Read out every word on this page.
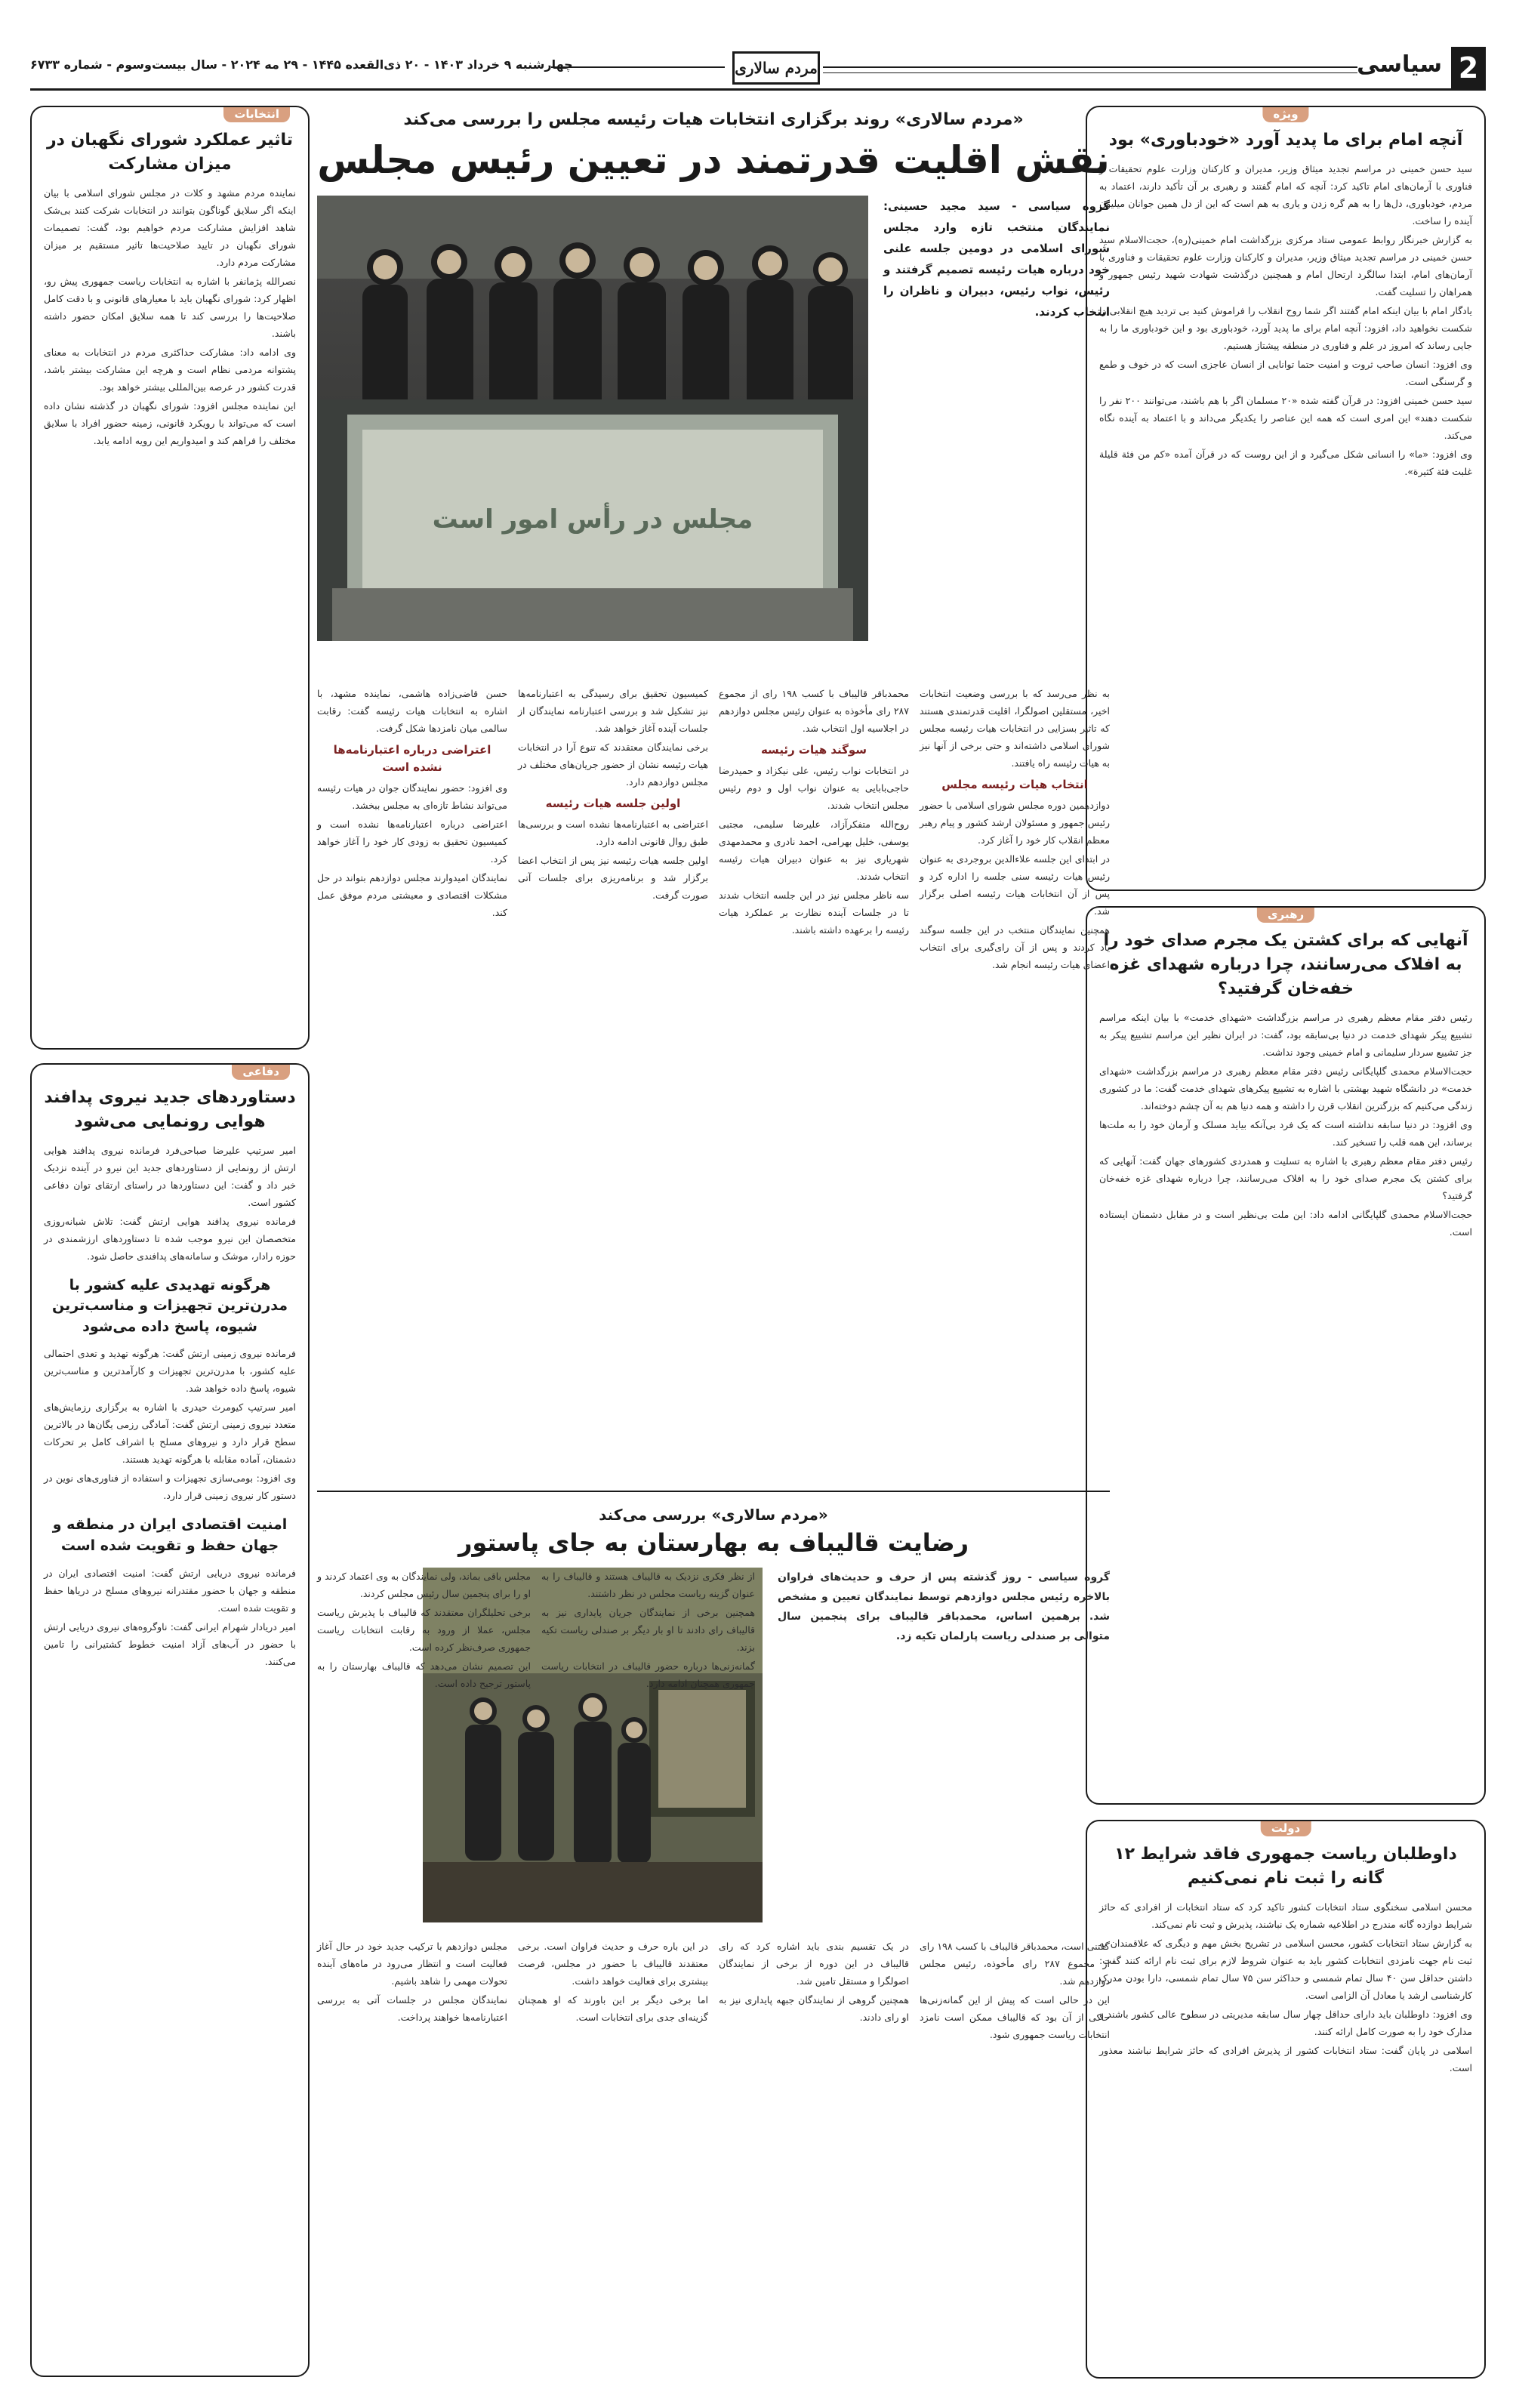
2
سیاسی
مردم سالاری
چهارشنبه ۹ خرداد ۱۴۰۳ - ۲۰ ذی‌القعده ۱۴۴۵ - ۲۹ مه ۲۰۲۴ - سال بیست‌وسوم - شماره ۶۷۳۳
ویژه
آنچه امام برای ما پدید آورد «خودباوری» بود

سید حسن خمینی در مراسم تجدید میثاق وزیر، مدیران و کارکنان وزارت علوم تحقیقات و فناوری با آرمان‌های امام تاکید کرد: آنچه که امام گفتند و رهبری بر آن تأکید دارند، اعتماد به مردم، خودباوری، دل‌ها را به هم گره زدن و یاری به هم است که این از دل همین جوانان میلیون آینده را ساخت.

به گزارش خبرنگار روابط عمومی ستاد مرکزی بزرگداشت امام خمینی(ره)، حجت‌الاسلام سید حسن خمینی در مراسم تجدید میثاق وزیر، مدیران و کارکنان وزارت علوم تحقیقات و فناوری با آرمان‌های امام، ابتدا سالگرد ارتحال امام و همچنین درگذشت شهادت شهید رئیس جمهور و همراهان را تسلیت گفت.

یادگار امام با بیان اینکه امام گفتند اگر شما روح انقلاب را فراموش کنید بی تردید هیچ انقلابی را شکست نخواهید داد، افزود: آنچه امام برای ما پدید آورد، خودباوری بود و این خودباوری ما را به جایی رساند که امروز در علم و فناوری در منطقه پیشتاز هستیم.

وی افزود: انسان صاحب ثروت و امنیت حتما توانایی از انسان عاجزی است که در خوف و طمع و گرسنگی است.

سید حسن خمینی افزود: در قرآن گفته شده «۲۰ مسلمان اگر با هم باشند، می‌توانند ۲۰۰ نفر را شکست دهند» این امری است که همه این عناصر را یکدیگر می‌داند و با اعتماد به آینده نگاه می‌کند.

وی افزود: «ما» را انسانی شکل می‌گیرد و از این روست که در قرآن آمده «کم من فئة قلیلة غلبت فئة کثیرة».

رهبری
آنهایی که برای کشتن یک مجرم صدای خود را به افلاک می‌رسانند، چرا درباره شهدای غزه خفه‌خان گرفتید؟

رئیس دفتر مقام معظم رهبری در مراسم بزرگداشت «شهدای خدمت» با بیان اینکه مراسم تشییع پیکر شهدای خدمت در دنیا بی‌سابقه بود، گفت: در ایران نظیر این مراسم تشییع پیکر به جز تشییع سردار سلیمانی و امام خمینی وجود نداشت.

حجت‌الاسلام محمدی گلپایگانی رئیس دفتر مقام معظم رهبری در مراسم بزرگداشت «شهدای خدمت» در دانشگاه شهید بهشتی با اشاره به تشییع پیکرهای شهدای خدمت گفت: ما در کشوری زندگی می‌کنیم که بزرگترین انقلاب قرن را داشته و همه دنیا هم به آن چشم دوخته‌اند.

وی افزود: در دنیا سابقه نداشته است که یک فرد بی‌آنکه بیاید مسلک و آرمان خود را به ملت‌ها برساند، این همه قلب را تسخیر کند.

رئیس دفتر مقام معظم رهبری با اشاره به تسلیت و همدردی کشورهای جهان گفت: آنهایی که برای کشتن یک مجرم صدای خود را به افلاک می‌رسانند، چرا درباره شهدای غزه خفه‌خان گرفتید؟

حجت‌الاسلام محمدی گلپایگانی ادامه داد: این ملت بی‌نظیر است و در مقابل دشمنان ایستاده است.

دولت
داوطلبان ریاست جمهوری فاقد شرایط ۱۲ گانه را ثبت نام نمی‌کنیم

محسن اسلامی سخنگوی ستاد انتخابات کشور تاکید کرد که ستاد انتخابات از افرادی که حائز شرایط دوازده گانه مندرج در اطلاعیه شماره یک نباشند، پذیرش و ثبت نام نمی‌کند.

به گزارش ستاد انتخابات کشور، محسن اسلامی در تشریح بخش مهم و دیگری که علاقمندان به ثبت نام جهت نامزدی انتخابات کشور باید به عنوان شروط لازم برای ثبت نام ارائه کنند گفت: داشتن حداقل سن ۴۰ سال تمام شمسی و حداکثر سن ۷۵ سال تمام شمسی، دارا بودن مدرک کارشناسی ارشد یا معادل آن الزامی است.

وی افزود: داوطلبان باید دارای حداقل چهار سال سابقه مدیریتی در سطوح عالی کشور باشند و مدارک خود را به صورت کامل ارائه کنند.

اسلامی در پایان گفت: ستاد انتخابات کشور از پذیرش افرادی که حائز شرایط نباشند معذور است.

انتخابات
تاثیر عملکرد شورای نگهبان در میزان مشارکت

نماینده مردم مشهد و کلات در مجلس شورای اسلامی با بیان اینکه اگر سلایق گوناگون بتوانند در انتخابات شرکت کنند بی‌شک شاهد افزایش مشارکت مردم خواهیم بود، گفت: تصمیمات شورای نگهبان در تایید صلاحیت‌ها تاثیر مستقیم بر میزان مشارکت مردم دارد.

نصرالله پژمانفر با اشاره به انتخابات ریاست جمهوری پیش رو، اظهار کرد: شورای نگهبان باید با معیارهای قانونی و با دقت کامل صلاحیت‌ها را بررسی کند تا همه سلایق امکان حضور داشته باشند.

وی ادامه داد: مشارکت حداکثری مردم در انتخابات به معنای پشتوانه مردمی نظام است و هرچه این مشارکت بیشتر باشد، قدرت کشور در عرصه بین‌المللی بیشتر خواهد بود.

این نماینده مجلس افزود: شورای نگهبان در گذشته نشان داده است که می‌تواند با رویکرد قانونی، زمینه حضور افراد با سلایق مختلف را فراهم کند و امیدواریم این رویه ادامه یابد.

دفاعی
دستاوردهای جدید نیروی پدافند هوایی رونمایی می‌شود

امیر سرتیپ علیرضا صباحی‌فرد فرمانده نیروی پدافند هوایی ارتش از رونمایی از دستاوردهای جدید این نیرو در آینده نزدیک خبر داد و گفت: این دستاوردها در راستای ارتقای توان دفاعی کشور است.

فرمانده نیروی پدافند هوایی ارتش گفت: تلاش شبانه‌روزی متخصصان این نیرو موجب شده تا دستاوردهای ارزشمندی در حوزه رادار، موشک و سامانه‌های پدافندی حاصل شود.

هرگونه تهدیدی علیه کشور با مدرن‌ترین تجهیزات و مناسب‌ترین شیوه، پاسخ داده می‌شود

فرمانده نیروی زمینی ارتش گفت: هرگونه تهدید و تعدی احتمالی علیه کشور، با مدرن‌ترین تجهیزات و کارآمدترین و مناسب‌ترین شیوه، پاسخ داده خواهد شد.

امیر سرتیپ کیومرث حیدری با اشاره به برگزاری رزمایش‌های متعدد نیروی زمینی ارتش گفت: آمادگی رزمی یگان‌ها در بالاترین سطح قرار دارد و نیروهای مسلح با اشراف کامل بر تحرکات دشمنان، آماده مقابله با هرگونه تهدید هستند.

وی افزود: بومی‌سازی تجهیزات و استفاده از فناوری‌های نوین در دستور کار نیروی زمینی قرار دارد.

امنیت اقتصادی ایران در منطقه و جهان حفظ و تقویت شده است

فرمانده نیروی دریایی ارتش گفت: امنیت اقتصادی ایران در منطقه و جهان با حضور مقتدرانه نیروهای مسلح در دریاها حفظ و تقویت شده است.

امیر دریادار شهرام ایرانی گفت: ناوگروه‌های نیروی دریایی ارتش با حضور در آب‌های آزاد امنیت خطوط کشتیرانی را تامین می‌کنند.

«مردم سالاری» روند برگزاری انتخابات هیات رئیسه مجلس را بررسی می‌کند
نقش اقلیت قدرتمند در تعیین رئیس مجلس
گروه سیاسی - سید مجید حسینی: نمایندگان منتخب تازه وارد مجلس شورای اسلامی در دومین جلسه علنی خود درباره هیات رئیسه تصمیم گرفتند و رئیس، نواب رئیس، دبیران و ناظران را انتخاب کردند.
مجلس در رأس امور است

به نظر می‌رسد که با بررسی وضعیت انتخابات اخیر، مستقلین اصولگرا، اقلیت قدرتمندی هستند که تاثیر بسزایی در انتخابات هیات رئیسه مجلس شورای اسلامی داشته‌اند و حتی برخی از آنها نیز به هیات رئیسه راه یافتند.

انتخاب هیات رئیسه مجلس

دوازدهمین دوره مجلس شورای اسلامی با حضور رئیس جمهور و مسئولان ارشد کشور و پیام رهبر معظم انقلاب کار خود را آغاز کرد.

در ابتدای این جلسه علاءالدین بروجردی به عنوان رئیس هیات رئیسه سنی جلسه را اداره کرد و پس از آن انتخابات هیات رئیسه اصلی برگزار شد.

همچنین نمایندگان منتخب در این جلسه سوگند یاد کردند و پس از آن رای‌گیری برای انتخاب اعضای هیات رئیسه انجام شد.

محمدباقر قالیباف با کسب ۱۹۸ رای از مجموع ۲۸۷ رای مأخوذه به عنوان رئیس مجلس دوازدهم در اجلاسیه اول انتخاب شد.

سوگند هیات رئیسه

در انتخابات نواب رئیس، علی نیکزاد و حمیدرضا حاجی‌بابایی به عنوان نواب اول و دوم رئیس مجلس انتخاب شدند.

روح‌الله متفکرآزاد، علیرضا سلیمی، مجتبی یوسفی، خلیل بهرامی، احمد نادری و محمدمهدی شهریاری نیز به عنوان دبیران هیات رئیسه انتخاب شدند.

سه ناظر مجلس نیز در این جلسه انتخاب شدند تا در جلسات آینده نظارت بر عملکرد هیات رئیسه را برعهده داشته باشند.

کمیسیون تحقیق برای رسیدگی به اعتبارنامه‌ها نیز تشکیل شد و بررسی اعتبارنامه نمایندگان از جلسات آینده آغاز خواهد شد.

برخی نمایندگان معتقدند که تنوع آرا در انتخابات هیات رئیسه نشان از حضور جریان‌های مختلف در مجلس دوازدهم دارد.

اولین جلسه هیات رئیسه

اعتراضی به اعتبارنامه‌ها نشده است و بررسی‌ها طبق روال قانونی ادامه دارد.

اولین جلسه هیات رئیسه نیز پس از انتخاب اعضا برگزار شد و برنامه‌ریزی برای جلسات آتی صورت گرفت.

حسن قاضی‌زاده هاشمی، نماینده مشهد، با اشاره به انتخابات هیات رئیسه گفت: رقابت سالمی میان نامزدها شکل گرفت.

اعتراضی درباره اعتبارنامه‌ها نشده است

وی افزود: حضور نمایندگان جوان در هیات رئیسه می‌تواند نشاط تازه‌ای به مجلس ببخشد.

اعتراضی درباره اعتبارنامه‌ها نشده است و کمیسیون تحقیق به زودی کار خود را آغاز خواهد کرد.

نمایندگان امیدوارند مجلس دوازدهم بتواند در حل مشکلات اقتصادی و معیشتی مردم موفق عمل کند.

«مردم سالاری» بررسی می‌کند
رضایت قالیباف به بهارستان به جای پاستور
گروه سیاسی - روز گذشته پس از حرف و حدیث‌های فراوان بالاخره رئیس مجلس دوازدهم توسط نمایندگان تعیین و مشخص شد. برهمین اساس، محمدباقر قالیباف برای پنجمین سال متوالی بر صندلی ریاست پارلمان تکیه زد.

از نظر فکری نزدیک به قالیباف هستند و قالیباف را به عنوان گزینه ریاست مجلس در نظر داشتند.

همچنین برخی از نمایندگان جریان پایداری نیز به قالیباف رای دادند تا او بار دیگر بر صندلی ریاست تکیه بزند.

گمانه‌زنی‌ها درباره حضور قالیباف در انتخابات ریاست جمهوری همچنان ادامه دارد.

مجلس باقی بماند، ولی نمایندگان به وی اعتماد کردند و او را برای پنجمین سال رئیس مجلس کردند.

برخی تحلیلگران معتقدند که قالیباف با پذیرش ریاست مجلس، عملا از ورود به رقابت انتخابات ریاست جمهوری صرف‌نظر کرده است.

این تصمیم نشان می‌دهد که قالیباف بهارستان را به پاستور ترجیح داده است.

گفتنی است، محمدباقر قالیباف با کسب ۱۹۸ رای از مجموع ۲۸۷ رای مأخوذه، رئیس مجلس دوازدهم شد.

این در حالی است که پیش از این گمانه‌زنی‌ها حاکی از آن بود که قالیباف ممکن است نامزد انتخابات ریاست جمهوری شود.

در یک تقسیم بندی باید اشاره کرد که رای قالیباف در این دوره از برخی از نمایندگان اصولگرا و مستقل تامین شد.

همچنین گروهی از نمایندگان جبهه پایداری نیز به او رای دادند.

در این باره حرف و حدیث فراوان است. برخی معتقدند قالیباف با حضور در مجلس، فرصت بیشتری برای فعالیت خواهد داشت.

اما برخی دیگر بر این باورند که او همچنان گزینه‌ای جدی برای انتخابات است.

مجلس دوازدهم با ترکیب جدید خود در حال آغاز فعالیت است و انتظار می‌رود در ماه‌های آینده تحولات مهمی را شاهد باشیم.

نمایندگان مجلس در جلسات آتی به بررسی اعتبارنامه‌ها خواهند پرداخت.
